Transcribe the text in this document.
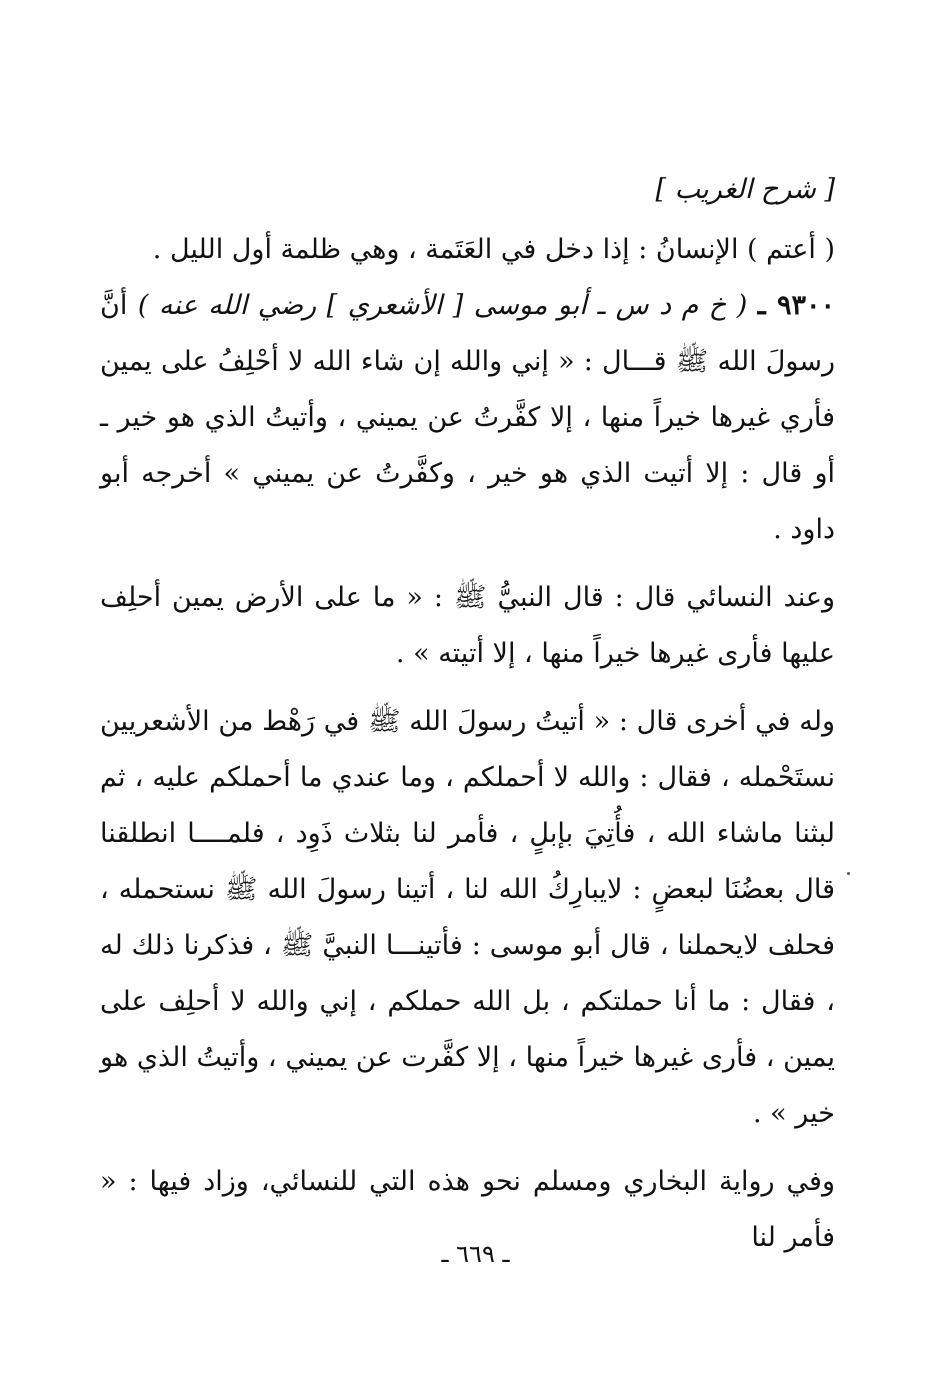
[ شرح الغريب ]

( أعتم ) الإنسانُ : إذا دخل في العَتَمة ، وهي ظلمة أول الليل .

٩٣٠٠ ـ ( خ م د س ـ أبو موسى [ الأشعري ] رضي الله عنه ) أنَّ رسولَ الله ﷺ قـــال : « إني والله إن شاء الله لا أحْلِفُ على يمين فأري غيرها خيراً منها ، إلا كفَّرتُ عن يميني ، وأتيتُ الذي هو خير ـ أو قال : إلا أتيت الذي هو خير ، وكفَّرتُ عن يميني » أخرجه أبو داود .

وعند النسائي قال : قال النبيُّ ﷺ : « ما على الأرض يمين أحلِف عليها فأرى غيرها خيراً منها ، إلا أتيته » .

وله في أخرى قال : « أتيتُ رسولَ الله ﷺ في رَهْط من الأشعريين نستَحْمله ، فقال : والله لا أحملكم ، وما عندي ما أحملكم عليه ، ثم لبثنا ماشاء الله ، فأُتِيَ بإبلٍ ، فأمر لنا بثلاث ذَوِد ، فلمــــا انطلقنا قال بعضُنَا لبعضٍ : لايبارِكُ الله لنا ، أتينا رسولَ الله ﷺ نستحمله ، فحلف لايحملنا ، قال أبو موسى : فأتينـــا النبيَّ ﷺ ، فذكرنا ذلك له ، فقال : ما أنا حملتكم ، بل الله حملكم ، إني والله لا أحلِف على يمين ، فأرى غيرها خيراً منها ، إلا كفَّرت عن يميني ، وأتيتُ الذي هو خير » .

وفي رواية البخاري ومسلم نحو هذه التي للنسائي، وزاد فيها : « فأمر لنا

ـ ٦٦٩ ـ
